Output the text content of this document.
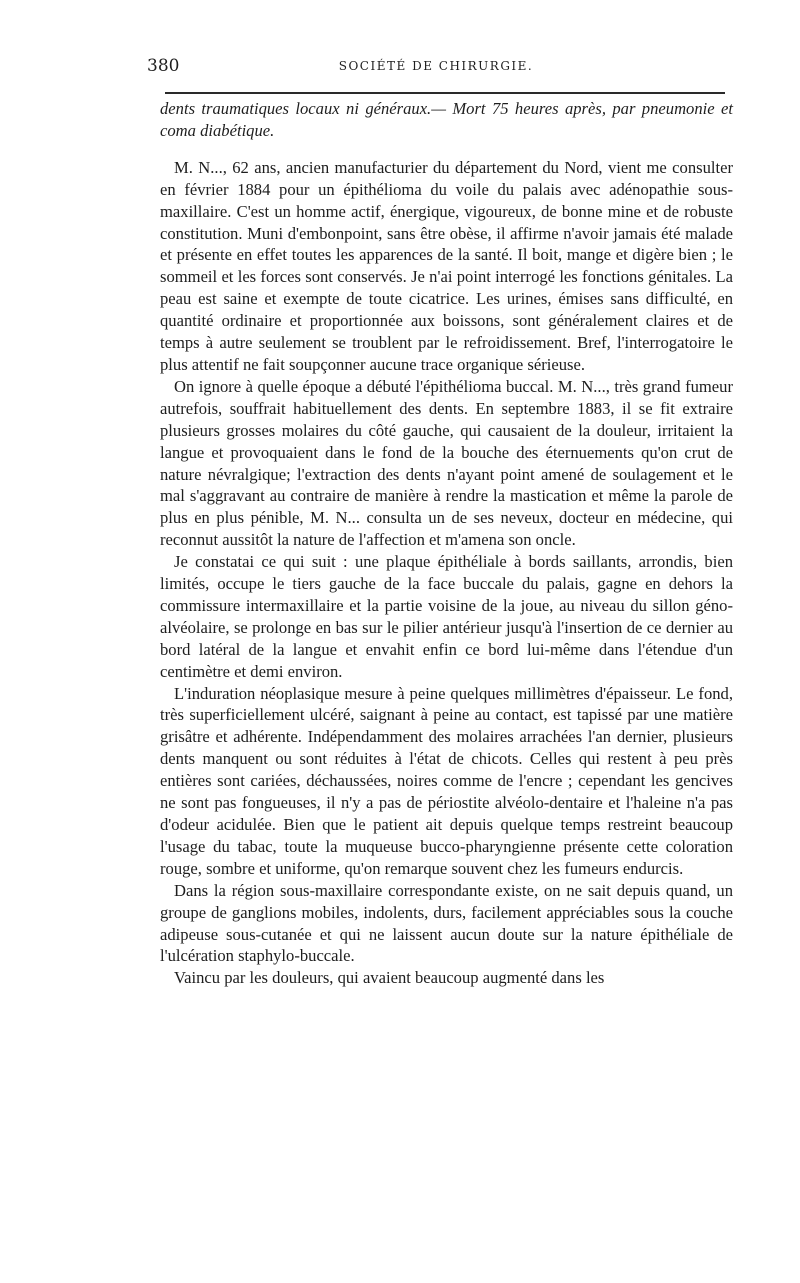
380	SOCIÉTÉ DE CHIRURGIE.

dents traumatiques locaux ni généraux.— Mort 75 heures après, par pneumonie et coma diabétique.

M. N..., 62 ans, ancien manufacturier du département du Nord, vient me consulter en février 1884 pour un épithélioma du voile du palais avec adénopathie sous-maxillaire. C'est un homme actif, énergique, vigoureux, de bonne mine et de robuste constitution. Muni d'embonpoint, sans être obèse, il affirme n'avoir jamais été malade et présente en effet toutes les apparences de la santé. Il boit, mange et digère bien ; le sommeil et les forces sont conservés. Je n'ai point interrogé les fonctions génitales. La peau est saine et exempte de toute cicatrice. Les urines, émises sans difficulté, en quantité ordinaire et proportionnée aux boissons, sont généralement claires et de temps à autre seulement se troublent par le refroidissement. Bref, l'interrogatoire le plus attentif ne fait soupçonner aucune trace organique sérieuse.

On ignore à quelle époque a débuté l'épithélioma buccal. M. N..., très grand fumeur autrefois, souffrait habituellement des dents. En septembre 1883, il se fit extraire plusieurs grosses molaires du côté gauche, qui causaient de la douleur, irritaient la langue et provoquaient dans le fond de la bouche des éternuements qu'on crut de nature névralgique; l'extraction des dents n'ayant point amené de soulagement et le mal s'aggravant au contraire de manière à rendre la mastication et même la parole de plus en plus pénible, M. N... consulta un de ses neveux, docteur en médecine, qui reconnut aussitôt la nature de l'affection et m'amena son oncle.

Je constatai ce qui suit : une plaque épithéliale à bords saillants, arrondis, bien limités, occupe le tiers gauche de la face buccale du palais, gagne en dehors la commissure intermaxillaire et la partie voisine de la joue, au niveau du sillon géno-alvéolaire, se prolonge en bas sur le pilier antérieur jusqu'à l'insertion de ce dernier au bord latéral de la langue et envahit enfin ce bord lui-même dans l'étendue d'un centimètre et demi environ.

L'induration néoplasique mesure à peine quelques millimètres d'épaisseur. Le fond, très superficiellement ulcéré, saignant à peine au contact, est tapissé par une matière grisâtre et adhérente. Indépendamment des molaires arrachées l'an dernier, plusieurs dents manquent ou sont réduites à l'état de chicots. Celles qui restent à peu près entières sont cariées, déchaussées, noires comme de l'encre ; cependant les gencives ne sont pas fongueuses, il n'y a pas de périostite alvéolo-dentaire et l'haleine n'a pas d'odeur acidulée. Bien que le patient ait depuis quelque temps restreint beaucoup l'usage du tabac, toute la muqueuse bucco-pharyngienne présente cette coloration rouge, sombre et uniforme, qu'on remarque souvent chez les fumeurs endurcis.

Dans la région sous-maxillaire correspondante existe, on ne sait depuis quand, un groupe de ganglions mobiles, indolents, durs, facilement appréciables sous la couche adipeuse sous-cutanée et qui ne laissent aucun doute sur la nature épithéliale de l'ulcération staphylo-buccale.

Vaincu par les douleurs, qui avaient beaucoup augmenté dans les
